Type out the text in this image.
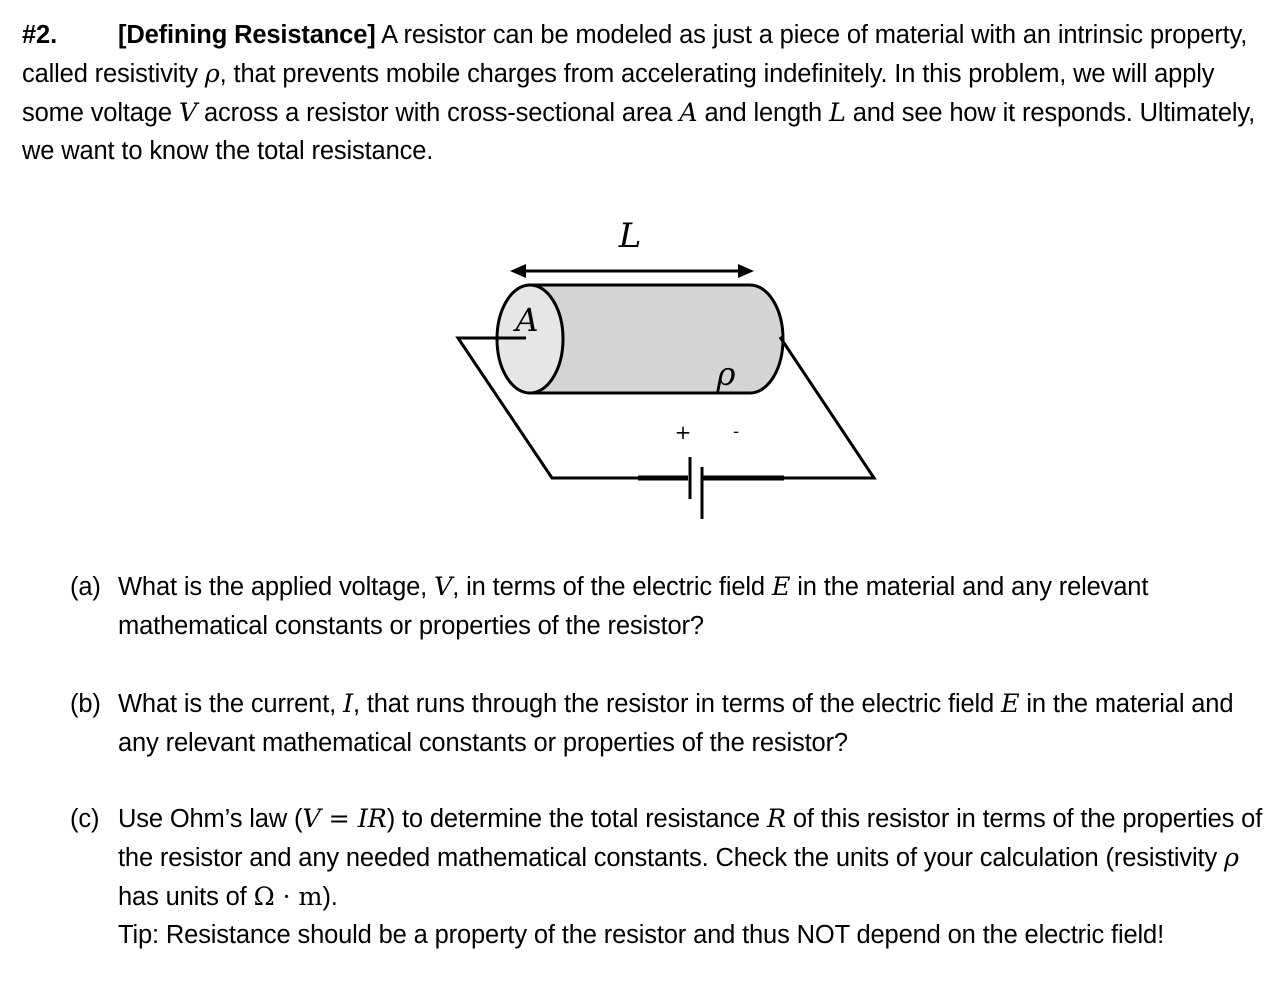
#2. [Defining Resistance] A resistor can be modeled as just a piece of material with an intrinsic property, called resistivity ρ, that prevents mobile charges from accelerating indefinitely. In this problem, we will apply some voltage V across a resistor with cross-sectional area A and length L and see how it responds. Ultimately, we want to know the total resistance.
L
A
ρ
+ -
(a) What is the applied voltage, V, in terms of the electric field E in the material and any relevant mathematical constants or properties of the resistor?
(b) What is the current, I, that runs through the resistor in terms of the electric field E in the material and any relevant mathematical constants or properties of the resistor?
(c) Use Ohm’s law (V = IR) to determine the total resistance R of this resistor in terms of the properties of the resistor and any needed mathematical constants. Check the units of your calculation (resistivity ρ has units of Ω · m).
Tip: Resistance should be a property of the resistor and thus NOT depend on the electric field!
